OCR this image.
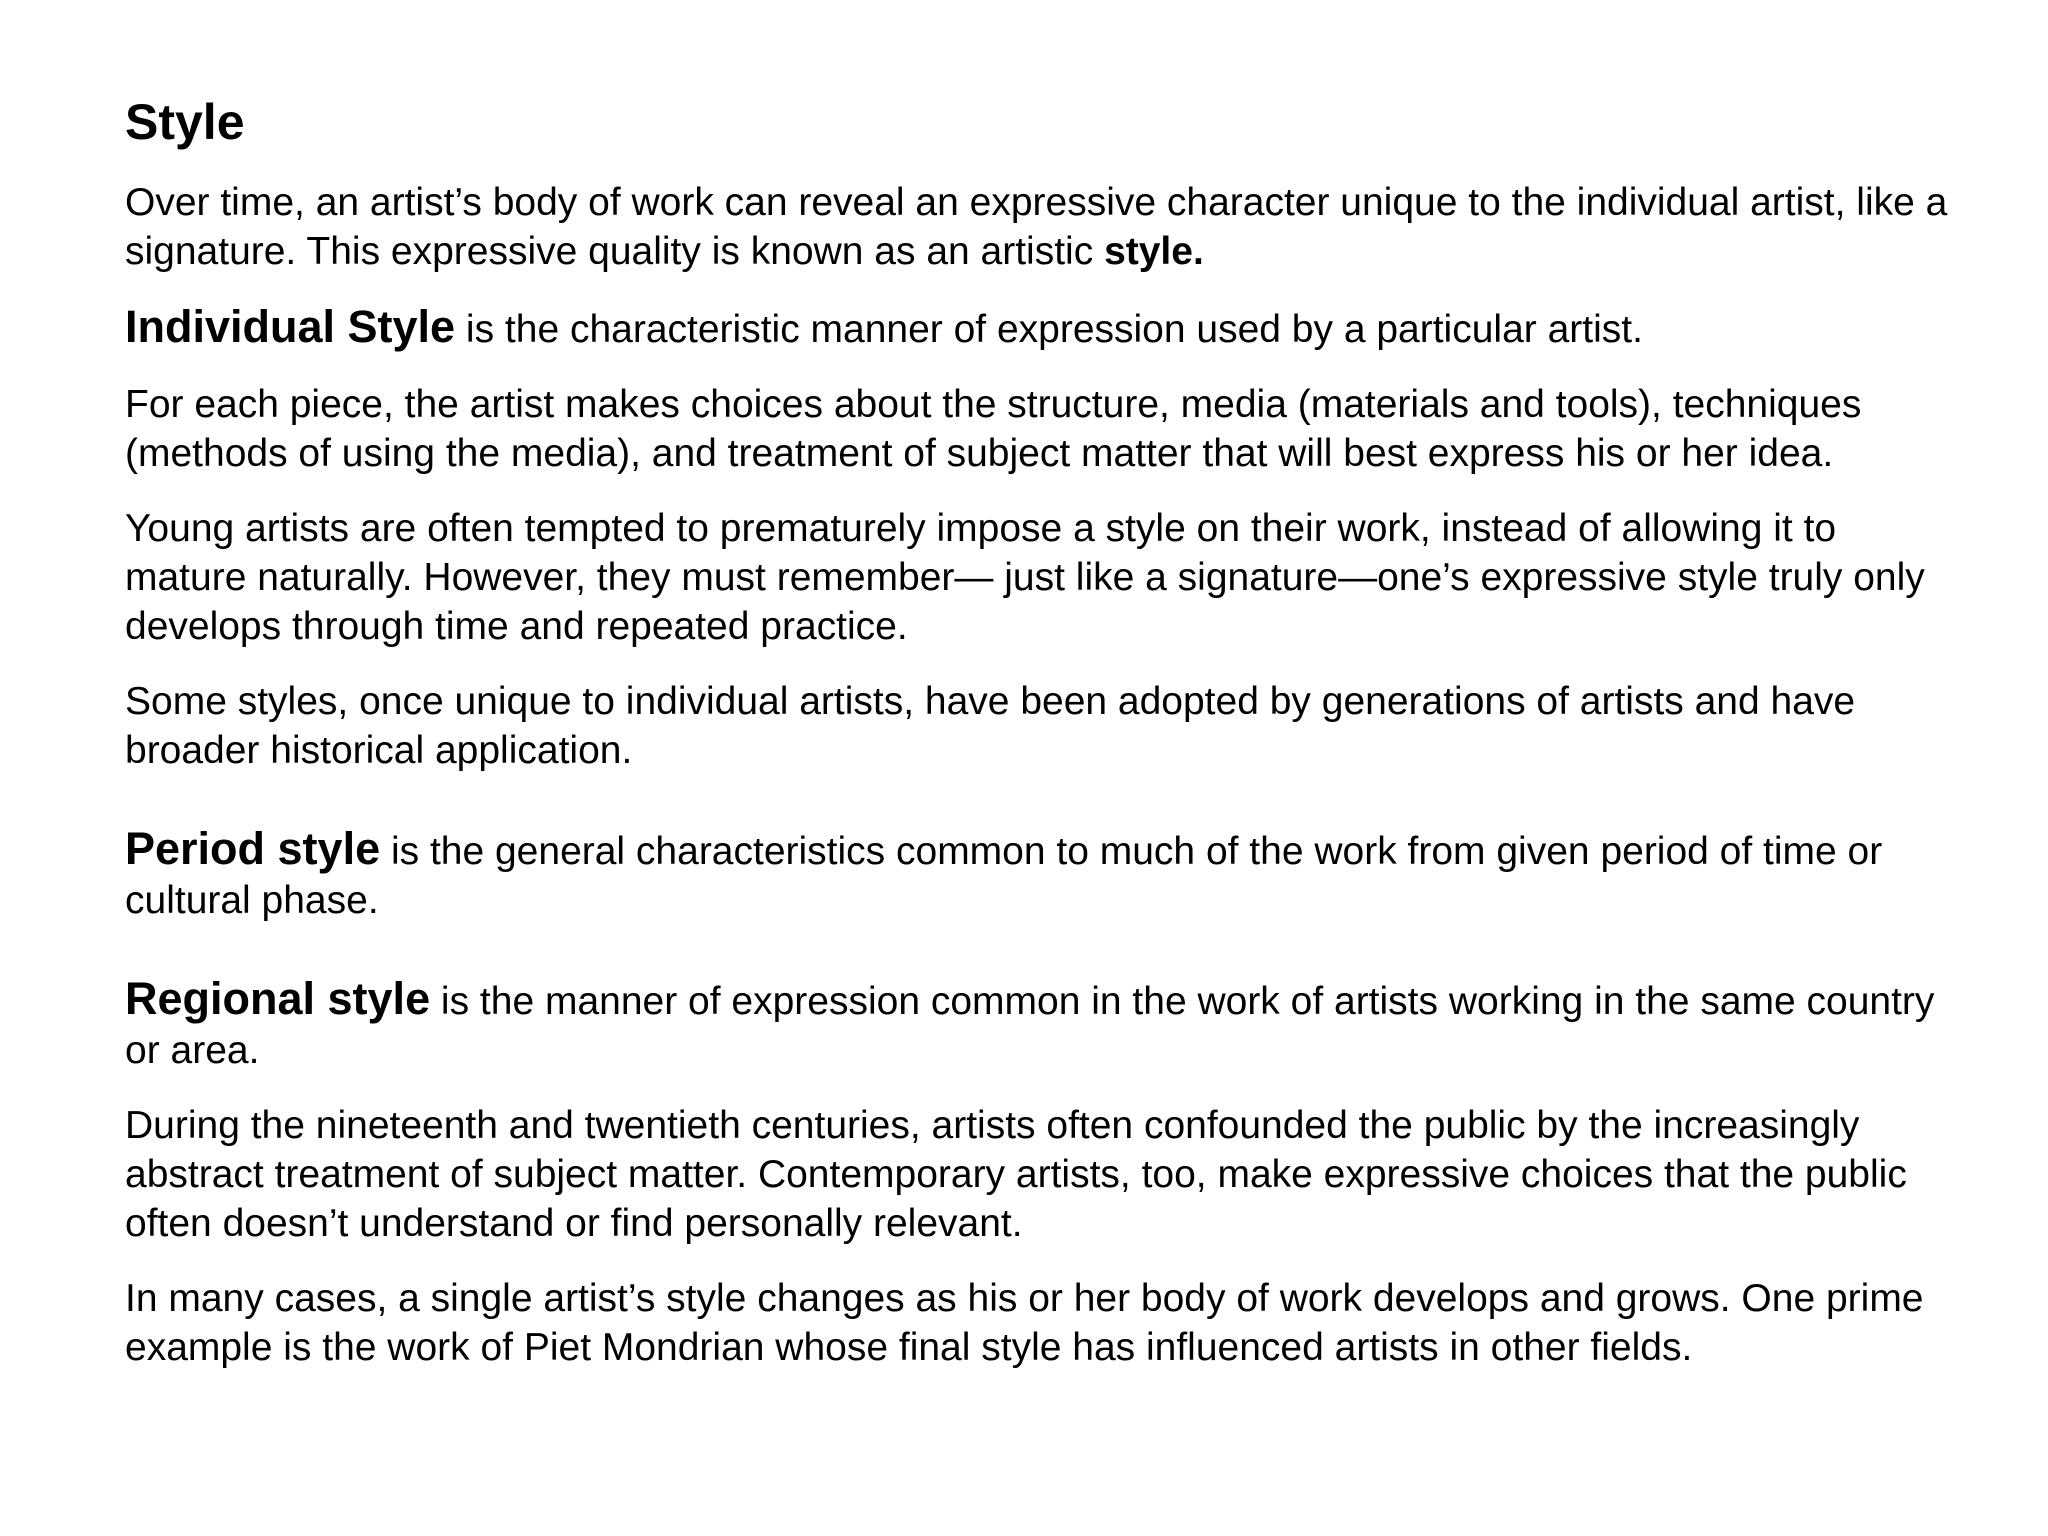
Style

Over time, an artist’s body of work can reveal an expressive character unique to the individual artist, like a signature. This expressive quality is known as an artistic style.

Individual Style is the characteristic manner of expression used by a particular artist.

For each piece, the artist makes choices about the structure, media (materials and tools), techniques (methods of using the media), and treatment of subject matter that will best express his or her idea.

Young artists are often tempted to prematurely impose a style on their work, instead of allowing it to mature naturally. However, they must remember— just like a signature—one’s expressive style truly only develops through time and repeated practice.

Some styles, once unique to individual artists, have been adopted by generations of artists and have broader historical application.

Period style is the general characteristics common to much of the work from given period of time or cultural phase.

Regional style is the manner of expression common in the work of artists working in the same country or area.

During the nineteenth and twentieth centuries, artists often confounded the public by the increasingly abstract treatment of subject matter. Contemporary artists, too, make expressive choices that the public often doesn’t understand or find personally relevant.

In many cases, a single artist’s style changes as his or her body of work develops and grows. One prime example is the work of Piet Mondrian whose final style has influenced artists in other fields.
